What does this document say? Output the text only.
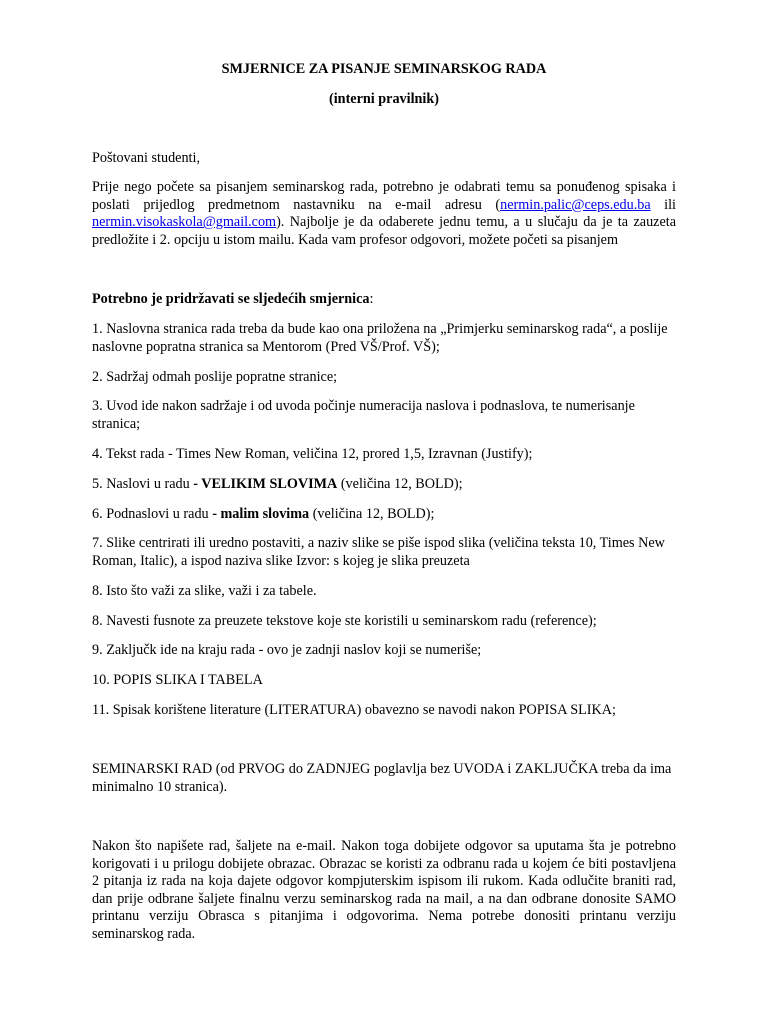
SMJERNICE ZA PISANJE SEMINARSKOG RADA
(interni pravilnik)

Poštovani studenti,

Prije nego počete sa pisanjem seminarskog rada, potrebno je odabrati temu sa ponuđenog spisaka i poslati prijedlog predmetnom nastavniku na e-mail adresu (nermin.palic@ceps.edu.ba ili nermin.visokaskola@gmail.com). Najbolje je da odaberete jednu temu, a u slučaju da je ta zauzeta predložite i 2. opciju u istom mailu. Kada vam profesor odgovori, možete početi sa pisanjem

Potrebno je pridržavati se sljedećih smjernica:

1. Naslovna stranica rada treba da bude kao ona priložena na „Primjerku seminarskog rada“, a poslije naslovne popratna stranica sa Mentorom (Pred VŠ/Prof. VŠ);

2. Sadržaj odmah poslije popratne stranice;

3. Uvod ide nakon sadržaje i od uvoda počinje numeracija naslova i podnaslova, te numerisanje stranica;

4. Tekst rada - Times New Roman, veličina 12, prored 1,5, Izravnan (Justify);

5. Naslovi u radu - VELIKIM SLOVIMA (veličina 12, BOLD);

6. Podnaslovi u radu - malim slovima (veličina 12, BOLD);

7. Slike centrirati ili uredno postaviti, a naziv slike se piše ispod slika (veličina teksta 10, Times New Roman, Italic), a ispod naziva slike Izvor: s kojeg je slika preuzeta

8. Isto što važi za slike, važi i za tabele.

8. Navesti fusnote za preuzete tekstove koje ste koristili u seminarskom radu (reference);

9. Zaključk ide na kraju rada - ovo je zadnji naslov koji se numeriše;

10. POPIS SLIKA I TABELA

11. Spisak korištene literature (LITERATURA) obavezno se navodi nakon POPISA SLIKA;

SEMINARSKI RAD (od PRVOG do ZADNJEG poglavlja bez UVODA i ZAKLJUČKA treba da ima minimalno 10 stranica).

Nakon što napišete rad, šaljete na e-mail. Nakon toga dobijete odgovor sa uputama šta je potrebno korigovati i u prilogu dobijete obrazac. Obrazac se koristi za odbranu rada u kojem će biti postavljena 2 pitanja iz rada na koja dajete odgovor kompjuterskim ispisom ili rukom. Kada odlučite braniti rad, dan prije odbrane šaljete finalnu verzu seminarskog rada na mail, a na dan odbrane donosite SAMO printanu verziju Obrasca s pitanjima i odgovorima. Nema potrebe donositi printanu verziju seminarskog rada.
